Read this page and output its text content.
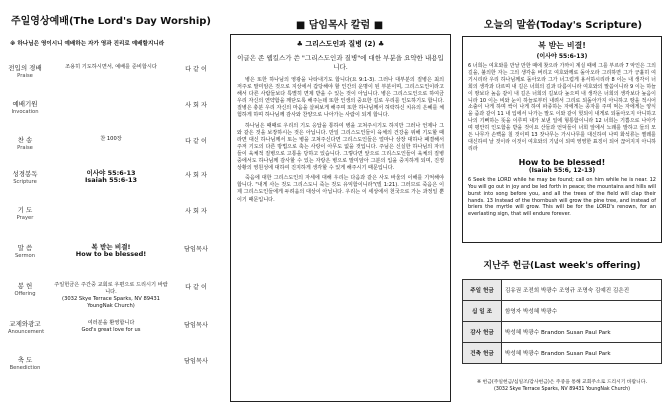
주일영상예배(The Lord's Day Worship)
※ 하나님은 영이시니 예배하는 자가 영과 진리로 예배할지니라
전입의 경배
Praise
조용히 기도하시면서, 예배를 준비합시다	다 같 이
예배기원
Invocation
사 회 자
찬 송
Praise
찬 100장	다 같 이
성경봉독
Scripture
이사야 55:6-13
Isaiah 55:6-13
사 회 자
기 도
Prayer
사 회 자
말 씀
Sermon
복 받는 비결!
How to be blessed!
담임목사
봉 헌
Offering
주일헌금은 주간중 교회로 우편으로 드리시기 바랍니다.
(3032 Skye Terrace Sparks, NV 89431 YoungNak Church)
다 같 이
교제와광고
Anouncement
여러분을 환영합니다
God's great love for us
담임목사
축 도
Benediction
담임목사
■ 담임목사 칼럼 ■
♣ 그리스도인과 질병 (2) ♣
이글은 존 웹킬스가 쓴 "그리스도인과 질병"에 대한 부분을 요약한 내용입니다.

병은 또한 하나님의 영광을 나타내기도 합니다(요 9:1-3). 그러나 대부분의 질병은 최의 저주로 말미암은 것으로 지상에서 갑당해야 할 인간의 운명이 된 부분이며, 그리스도인이라고 해서 다른 사람들보다 특별히 면제 받을 수 있는 것이 아닙니다. 병은 그리스도인으로 하여금 우리 자신의 연약함을 깨닫도록 해주는데 또한 인생의 중요한 길로 우리를 인도하기도 합니다. 질병은 충분 우리 자신의 마음을 살펴보게 해주며 또한 하나님께서 허락하신 치유의 은혜를 체험하게 하며 하나님께 감사와 찬양으로 나아가는 사람이 되게 합니다.

하나님은 때때로 우리의 기도 응답을 통하여 병을 고쳐주시기도 하지만 그러나 언제나 그와 같은 것을 보장하시는 것은 아닙니다. 만일 그리스도인들이 육체의 건강을 위해 기도할 때라면 대신 하나님께서 또는 병을 고쳐주신다면 그리스도인들은 얼마나 상장 대하나 패결해서 주저 기도의 다른 방법으로 축는 사랑이 아무도 없을 것입니다. 주님은 신실한 하나님의 자녀들이 육체적 질병으로 고통을 당하고 있습니다. 그렇다면 앞으로 그리스도인들이 육체의 질병 중에서도 하나님께 감사할 수 있는 자랑은 병으로 말미암아 그분의 입을 중지하게 되며, 진정 상황의 영원성에 대하여 진지하게 생각할 수 있게 해주시기 때문입니다.

죽음에 대한 그리스도인의 자세에 대해 우리는 다음과 같은 사도 바울의 이해를 기억해야 합니다. "내게 사는 것도 그리스도니 죽는 것도 유익함이니라"(빌 1:21). 그러므로 죽음은 이제 그리스도인들에게 두려움의 대상이 아닙니다. 우리는 이 세상에서 천국으로 가는 과정일 뿐이기 때문입니다.

오늘의 말씀(Today's Scripture)
복 받는 비결!
(이사야 55:6-13)

6 너희는 여호와를 만날 만한 때에 찾으라 가까이 계실 때에 그를 부르라 7 악인은 그의 길을, 불의한 자는 그의 생각을 버리고 여호와께로 돌아오라 그리하면 그가 긍휼히 여기시리라 우리 하나님께로 돌아오라 그가 너그럽게 용서하시리라 8 이는 내 생각이 너희의 생각과 다르며 내 길은 너희의 길과 다름이니라 여호와의 말씀이니라 9 이는 하늘이 땅보다 높음 같이 내 길은 너희의 길보다 높으며 내 생각은 너희의 생각보다 높음이니라 10 이는 비와 눈이 하늘로부터 내려서 그리로 되돌아가지 아니하고 땅을 적시어 소출이 나게 하며 싹이 나게 하여 파종하는 자에게는 종자를 주며 먹는 자에게는 양식을 줌과 같이 11 내 입에서 나가는 말도 이와 같이 헛되이 내게로 되돌아오지 아니하고 나의 기뻐하는 뜻을 이루며 내가 보낸 일에 형통함이니라 12 너희는 기쁨으로 나아가며 평안히 인도함을 받을 것이요 산들과 언덕들이 너희 앞에서 노래를 발하고 들의 모든 나무가 손뼉을 칠 것이며 13 잣나무는 가시나무를 대신하여 나며 화석류는 찔레를 대신하여 날 것이라 이것이 여호와의 기념이 되며 영영한 표징이 되어 끊어지지 아니하리라

How to be blessed!
(Isaiah 55:6, 12-13)

6 Seek the LORD while he may be found; call on him while he is near. 12 You will go out in joy and be led forth in peace; the mountains and hills will burst into song before you, and all the trees of the field will clap their hands. 13 Instead of the thornbush will grow the pine tree, and instead of briers the myrtle will grow. This will be for the LORD's renown, for an everlasting sign, that will endure forever.

지난주 헌금(Last week's offering)
주일 헌금	김유권 조전희 박광수 조영규 조명숙 김예진 김은진
십 일 조	함영자 박성혜 박광수
감사 헌금	박성혜 박광수 Brandon Susan Paul Park
건축 헌금	박성혜 박광수 Brandon Susan Paul Park
※ 헌금(주일헌금/십일조/감사헌금)은 주중을 통해 교회주소로 드리시기 바랍니다.
(3032 Skye Terrace Sparks, NV 89431 YoungNak Church)
